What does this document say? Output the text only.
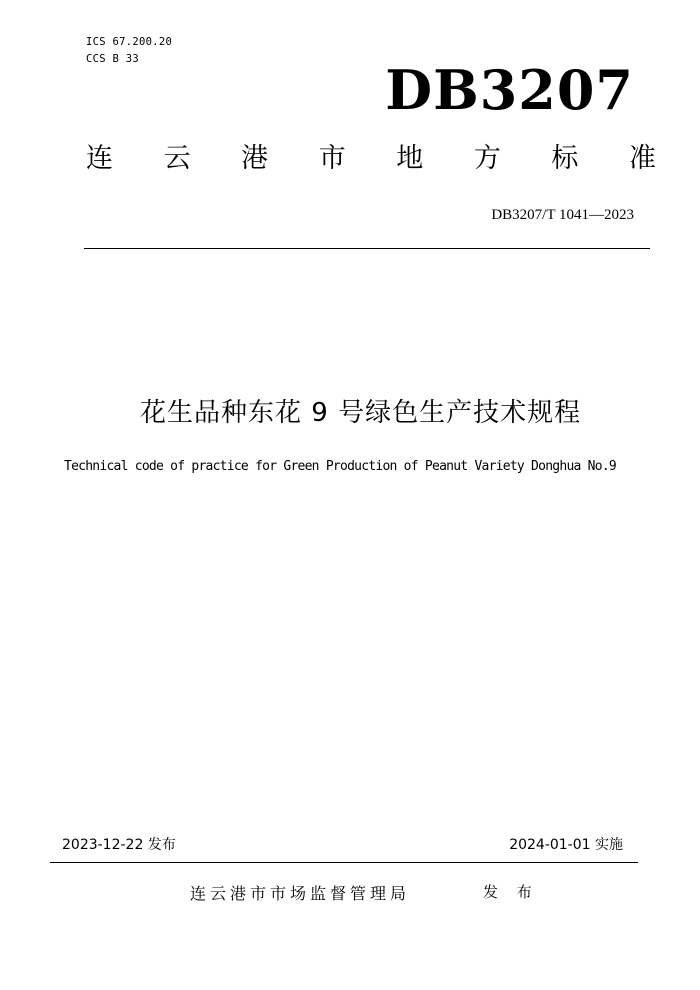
ICS 67.200.20
CCS B 33	DB3207
连 云 港 市 地 方 标 准
DB3207/T 1041—2023
花生品种东花 9 号绿色生产技术规程
Technical code of practice for Green Production of Peanut Variety Donghua No.9
2023-12-22 发布	2024-01-01 实施
连云港市市场监督管理局	发 布
